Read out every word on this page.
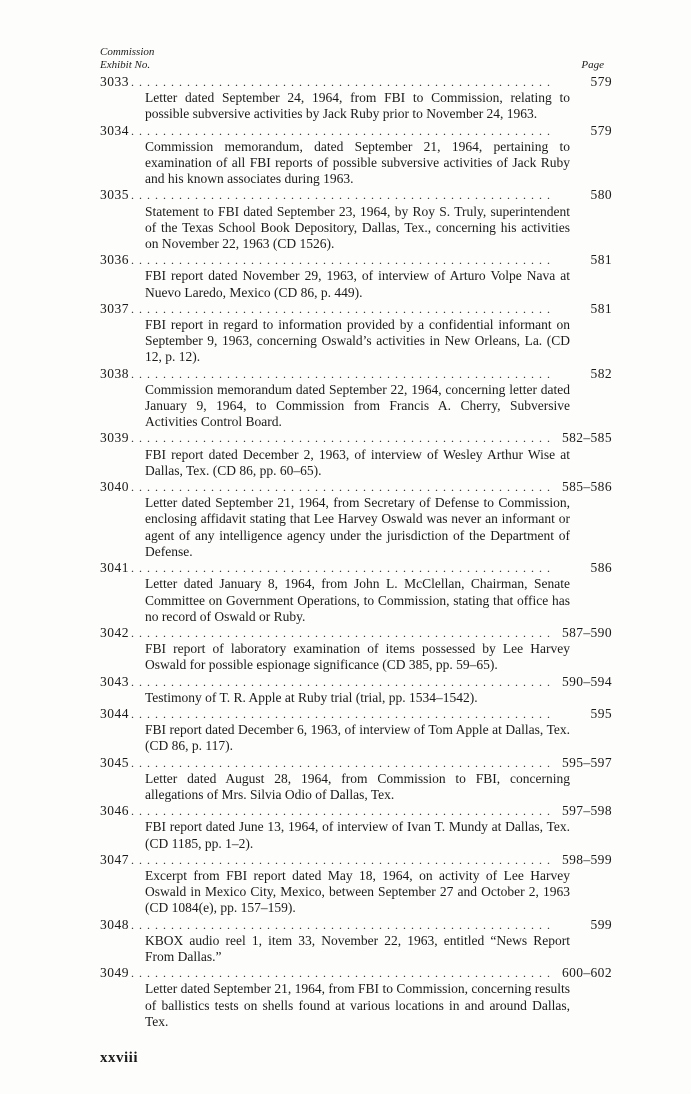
Commission
Exhibit No.	Page
3033 . . .	579

Letter dated September 24, 1964, from FBI to Commission, relating to possible subversive activities by Jack Ruby prior to November 24, 1963.

3034 . . .	579

Commission memorandum, dated September 21, 1964, pertaining to examination of all FBI reports of possible subversive activities of Jack Ruby and his known associates during 1963.

3035 . . .	580

Statement to FBI dated September 23, 1964, by Roy S. Truly, superintendent of the Texas School Book Depository, Dallas, Tex., concerning his activities on November 22, 1963 (CD 1526).

3036 . . .	581

FBI report dated November 29, 1963, of interview of Arturo Volpe Nava at Nuevo Laredo, Mexico (CD 86, p. 449).

3037 . . .	581

FBI report in regard to information provided by a confidential informant on September 9, 1963, concerning Oswald’s activities in New Orleans, La. (CD 12, p. 12).

3038 . . .	582

Commission memorandum dated September 22, 1964, concerning letter dated January 9, 1964, to Commission from Francis A. Cherry, Subversive Activities Control Board.

3039 . . .	582–585

FBI report dated December 2, 1963, of interview of Wesley Arthur Wise at Dallas, Tex. (CD 86, pp. 60–65).

3040 . . .	585–586

Letter dated September 21, 1964, from Secretary of Defense to Commission, enclosing affidavit stating that Lee Harvey Oswald was never an informant or agent of any intelligence agency under the jurisdiction of the Department of Defense.

3041 . . .	586

Letter dated January 8, 1964, from John L. McClellan, Chairman, Senate Committee on Government Operations, to Commission, stating that office has no record of Oswald or Ruby.

3042 . . .	587–590

FBI report of laboratory examination of items possessed by Lee Harvey Oswald for possible espionage significance (CD 385, pp. 59–65).

3043 . . .	590–594

Testimony of T. R. Apple at Ruby trial (trial, pp. 1534–1542).

3044 . . .	595

FBI report dated December 6, 1963, of interview of Tom Apple at Dallas, Tex. (CD 86, p. 117).

3045 . . .	595–597

Letter dated August 28, 1964, from Commission to FBI, concerning allegations of Mrs. Silvia Odio of Dallas, Tex.

3046 . . .	597–598

FBI report dated June 13, 1964, of interview of Ivan T. Mundy at Dallas, Tex. (CD 1185, pp. 1–2).

3047 . . .	598–599

Excerpt from FBI report dated May 18, 1964, on activity of Lee Harvey Oswald in Mexico City, Mexico, between September 27 and October 2, 1963 (CD 1084(e), pp. 157–159).

3048 . . .	599

KBOX audio reel 1, item 33, November 22, 1963, entitled “News Report From Dallas.”

3049 . . .	600–602

Letter dated September 21, 1964, from FBI to Commission, concerning results of ballistics tests on shells found at various locations in and around Dallas, Tex.

xxviii
